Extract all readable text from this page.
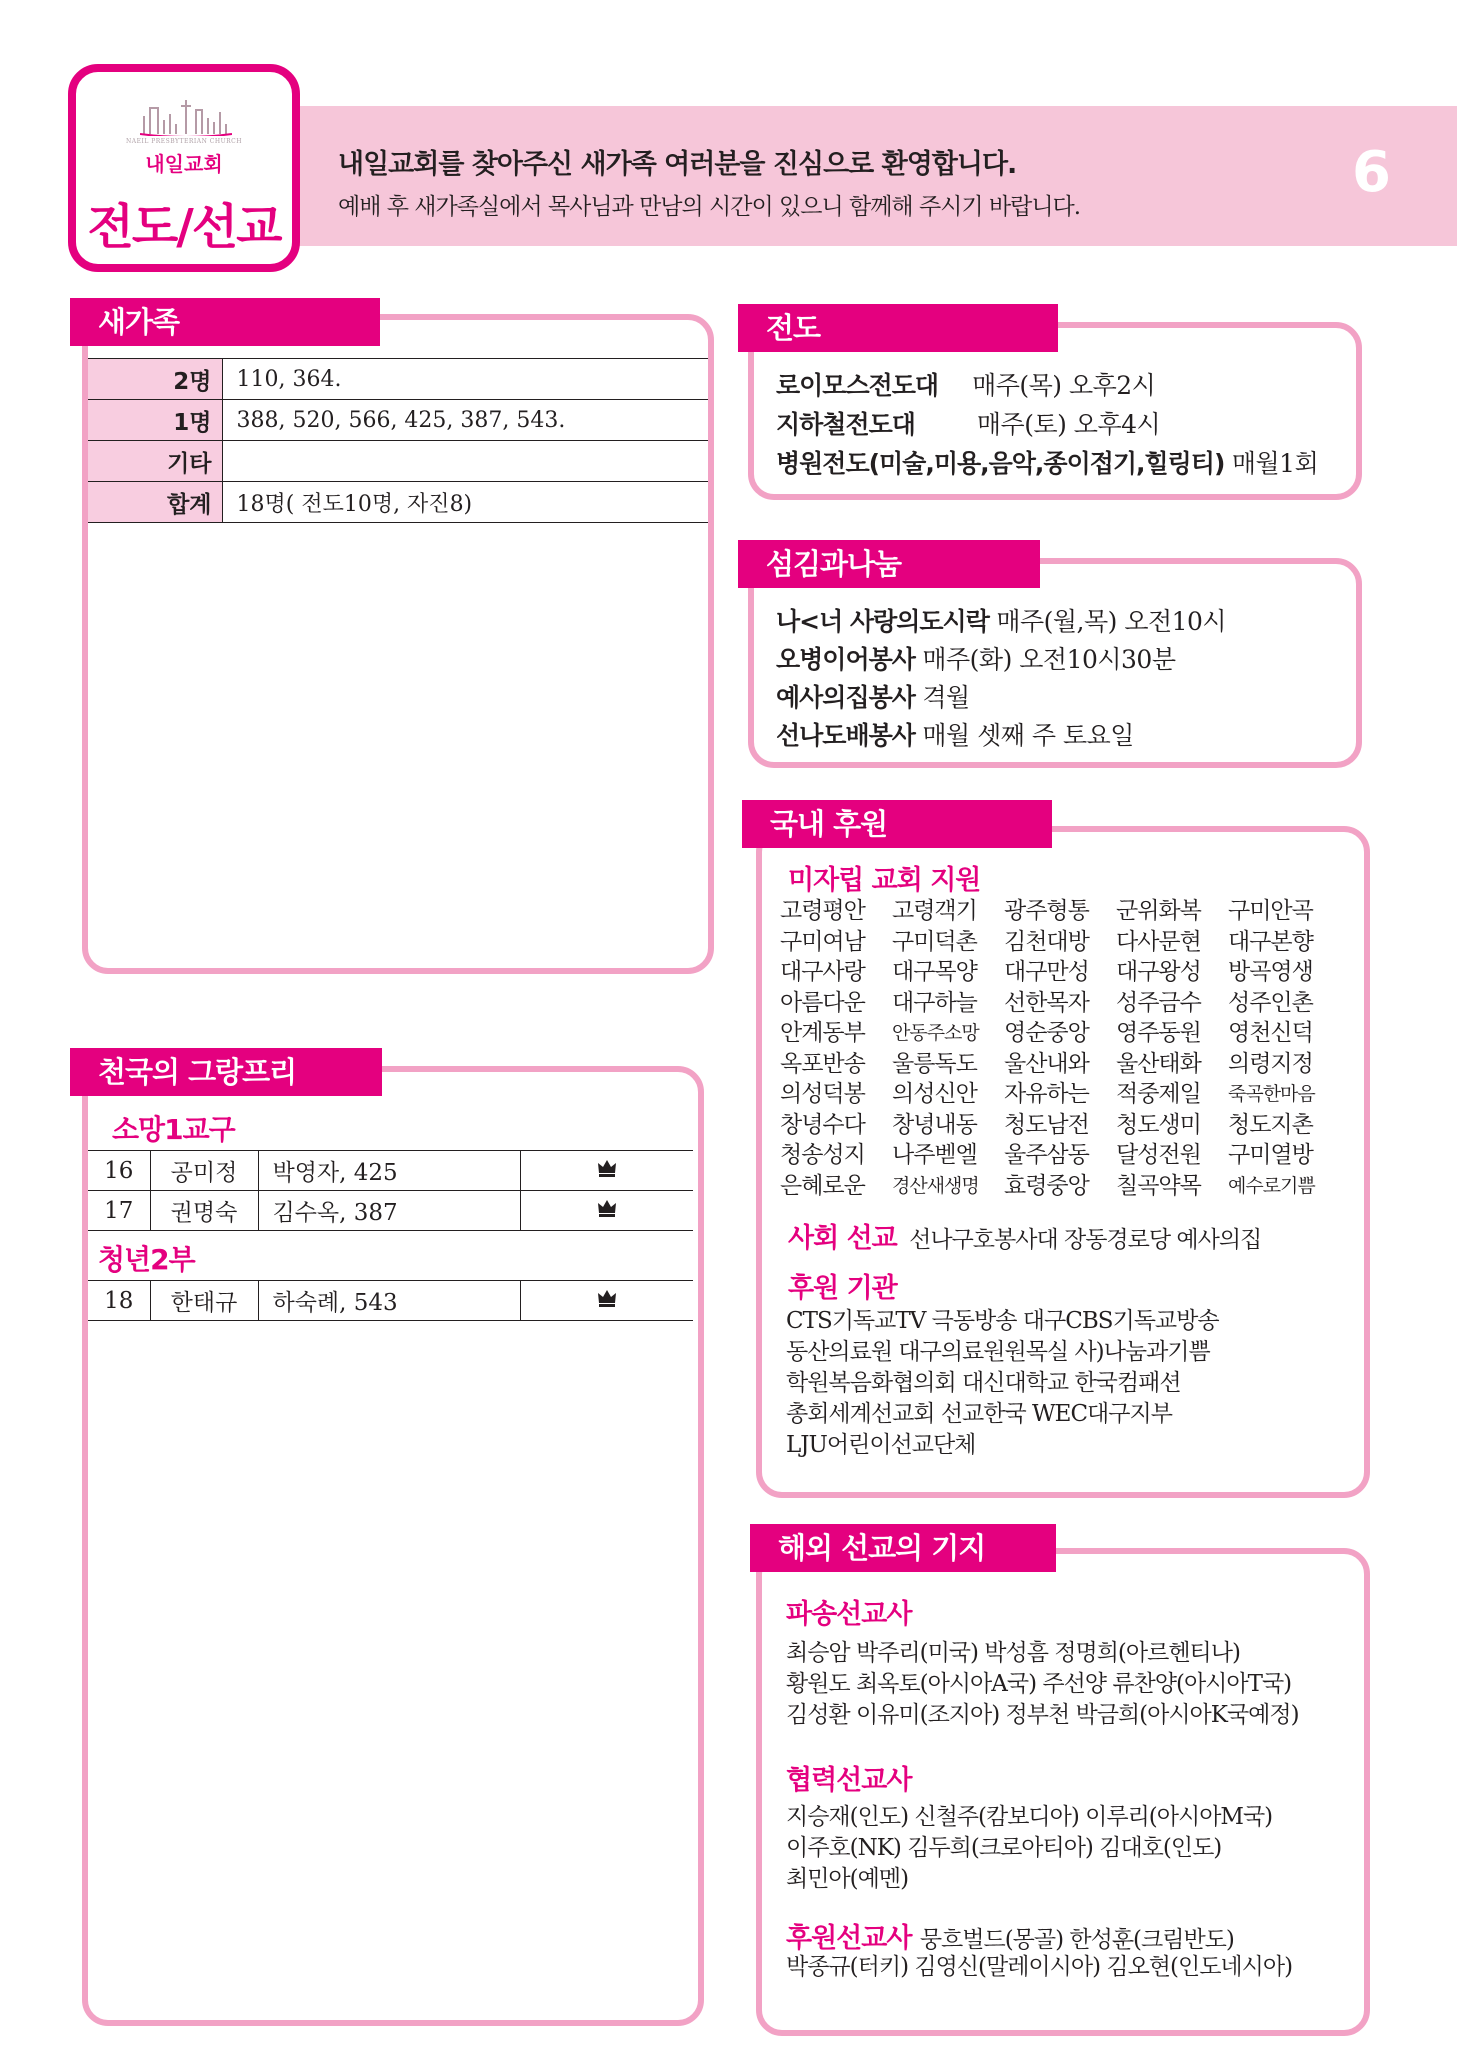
NAEIL PRESBYTERIAN CHURCH
내일교회
전도/선교
내일교회를 찾아주신 새가족 여러분을 진심으로 환영합니다.
예배 후 새가족실에서 목사님과 만남의 시간이 있으니 함께해 주시기 바랍니다.
6
새가족
2명	110, 364.
1명	388, 520, 566, 425, 387, 543.
기타	
합계	18명( 전도10명, 자진8)
천국의 그랑프리
소망1교구
16	공미정	박영자, 425	
17	권명숙	김수옥, 387	
청년2부
18	한태규	하숙례, 543	
전도
로이모스전도대 매주(목) 오후2시
지하철전도대 매주(토) 오후4시
병원전도(미술,미용,음악,종이접기,힐링티) 매월1회
섬김과나눔
나<너 사랑의도시락 매주(월,목) 오전10시
오병이어봉사 매주(화) 오전10시30분
예사의집봉사 격월
선나도배봉사 매월 셋째 주 토요일
국내 후원
미자립 교회 지원
고령평안	고령객기	광주형통	군위화복	구미안곡
구미여남	구미덕촌	김천대방	다사문현	대구본향
대구사랑	대구목양	대구만성	대구왕성	방곡영생
아름다운	대구하늘	선한목자	성주금수	성주인촌
안계동부	안동주소망	영순중앙	영주동원	영천신덕
옥포반송	울릉독도	울산내와	울산태화	의령지정
의성덕봉	의성신안	자유하는	적중제일	죽곡한마음
창녕수다	창녕내동	청도남전	청도생미	청도지촌
청송성지	나주벧엘	울주삼동	달성전원	구미열방
은혜로운	경산새생명	효령중앙	칠곡약목	예수로기쁨
사회 선교 선나구호봉사대 장동경로당 예사의집
후원 기관
CTS기독교TV 극동방송 대구CBS기독교방송
동산의료원 대구의료원원목실 사)나눔과기쁨
학원복음화협의회 대신대학교 한국컴패션
총회세계선교회 선교한국 WEC대구지부
LJU어린이선교단체
해외 선교의 기지
파송선교사
최승암 박주리(미국) 박성흠 정명희(아르헨티나)
황원도 최옥토(아시아A국) 주선양 류찬양(아시아T국)
김성환 이유미(조지아) 정부천 박금희(아시아K국예정)
협력선교사
지승재(인도) 신철주(캄보디아) 이루리(아시아M국)
이주호(NK) 김두희(크로아티아) 김대호(인도)
최민아(예멘)
후원선교사 뭉흐벌드(몽골) 한성훈(크림반도)
박종규(터키) 김영신(말레이시아) 김오현(인도네시아)
